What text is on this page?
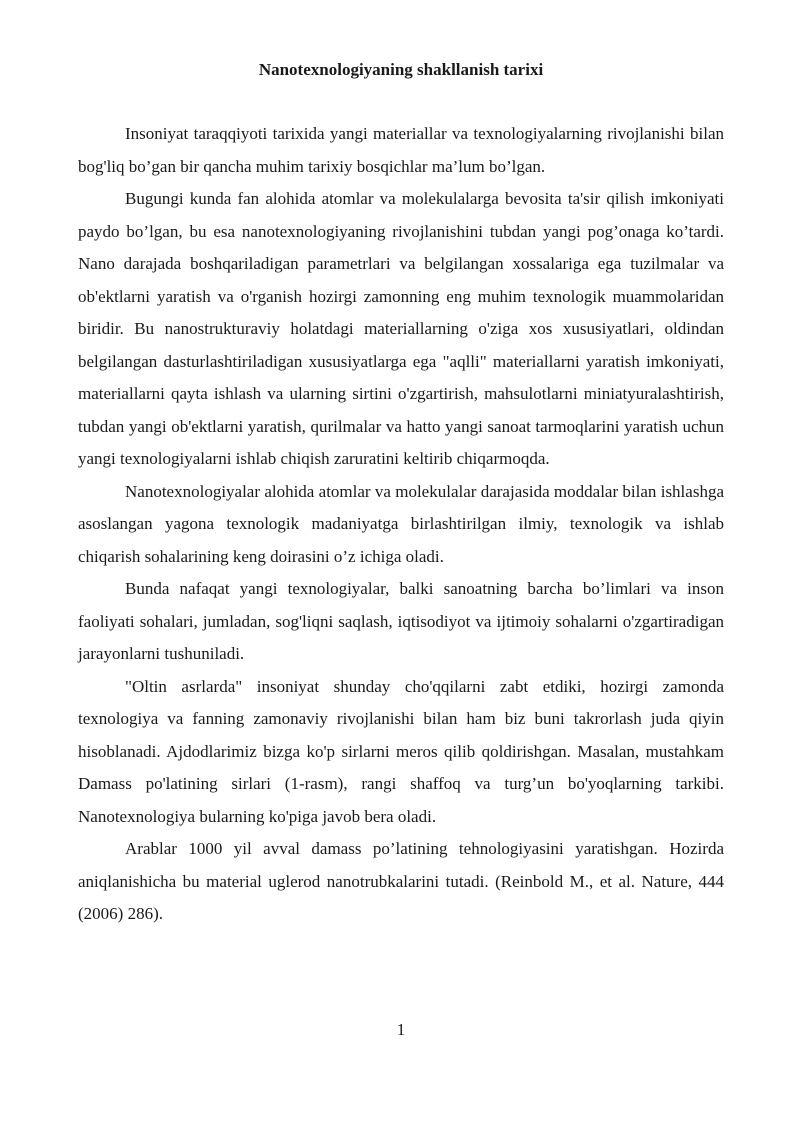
Nanotexnologiyaning shakllanish tarixi

Insoniyat taraqqiyoti tarixida yangi materiallar va texnologiyalarning rivojlanishi bilan bog'liq bo’gan bir qancha muhim tarixiy bosqichlar ma’lum bo’lgan.

Bugungi kunda fan alohida atomlar va molekulalarga bevosita ta'sir qilish imkoniyati paydo bo’lgan, bu esa nanotexnologiyaning rivojlanishini tubdan yangi pog’onaga ko’tardi. Nano darajada boshqariladigan parametrlari va belgilangan xossalariga ega tuzilmalar va ob'ektlarni yaratish va o'rganish hozirgi zamonning eng muhim texnologik muammolaridan biridir. Bu nanostrukturaviy holatdagi materiallarning o'ziga xos xususiyatlari, oldindan belgilangan dasturlashtiriladigan xususiyatlarga ega "aqlli" materiallarni yaratish imkoniyati, materiallarni qayta ishlash va ularning sirtini o'zgartirish, mahsulotlarni miniatyuralashtirish, tubdan yangi ob'ektlarni yaratish, qurilmalar va hatto yangi sanoat tarmoqlarini yaratish uchun yangi texnologiyalarni ishlab chiqish zaruratini keltirib chiqarmoqda.

Nanotexnologiyalar alohida atomlar va molekulalar darajasida moddalar bilan ishlashga asoslangan yagona texnologik madaniyatga birlashtirilgan ilmiy, texnologik va ishlab chiqarish sohalarining keng doirasini o’z ichiga oladi.

Bunda nafaqat yangi texnologiyalar, balki sanoatning barcha bo’limlari va inson faoliyati sohalari, jumladan, sog'liqni saqlash, iqtisodiyot va ijtimoiy sohalarni o'zgartiradigan jarayonlarni tushuniladi.

"Oltin asrlarda" insoniyat shunday cho'qqilarni zabt etdiki, hozirgi zamonda texnologiya va fanning zamonaviy rivojlanishi bilan ham biz buni takrorlash juda qiyin hisoblanadi. Ajdodlarimiz bizga ko'p sirlarni meros qilib qoldirishgan. Masalan, mustahkam Damass po'latining sirlari (1-rasm), rangi shaffoq va turg’un bo'yoqlarning tarkibi. Nanotexnologiya bularning ko'piga javob bera oladi.

Arablar 1000 yil avval damass po’latining tehnologiyasini yaratishgan. Hozirda aniqlanishicha bu material uglerod nanotrubkalarini tutadi. (Reinbold M., et al. Nature, 444 (2006) 286).

1
